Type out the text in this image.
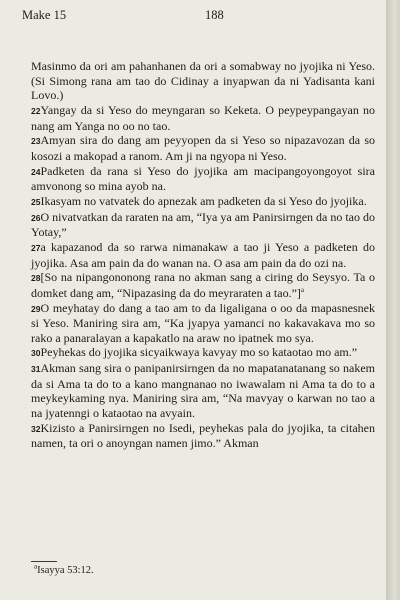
Make 15	188

Masinmo da ori am pahanhanen da ori a somabway no jyojika ni Yeso. (Si Simong rana am tao do Cidinay a inyapwan da ni Yadisanta kani Lovo.)

22Yangay da si Yeso do meyngaran so Keketa. O peypeypangayan no nang am Yanga no oo no tao.

23Amyan sira do dang am peyyopen da si Yeso so nipazavozan da so kosozi a makopad a ranom. Am ji na ngyopa ni Yeso.

24Padketen da rana si Yeso do jyojika am macipangoyongoyot sira amvonong so mina ayob na.

25Ikasyam no vatvatek do apnezak am padketen da si Yeso do jyojika.

26O nivatvatkan da raraten na am, “Iya ya am Panirsirngen da no tao do Yotay,”

27a kapazanod da so rarwa nimanakaw a tao ji Yeso a padketen do jyojika. Asa am pain da do wanan na. O asa am pain da do ozi na.

28[So na nipangononong rana no akman sang a ciring do Seysyo. Ta o domket dang am, “Nipazasing da do meyraraten a tao.”]$^a$

29O meyhatay do dang a tao am to da ligaligana o oo da mapasnesnek si Yeso. Maniring sira am, “Ka jyapya yamanci no kakavakava mo so rako a panaralayan a kapakatlo na araw no ipatnek mo sya.

30Peyhekas do jyojika sicyaikwaya kavyay mo so kataotao mo am.”

31Akman sang sira o panipanirsirngen da no mapatanatanang so nakem da si Ama ta do to a kano mangnanao no iwawalam ni Ama ta do to a meykeykaming nya. Maniring sira am, “Na mavyay o karwan no tao a na jyatenngi o kataotao na avyain.

32Kizisto a Panirsirngen no Isedi, peyhekas pala do jyojika, ta citahen namen, ta ori o anoyngan namen jimo.” Akman

$^a$Isayya 53:12.
